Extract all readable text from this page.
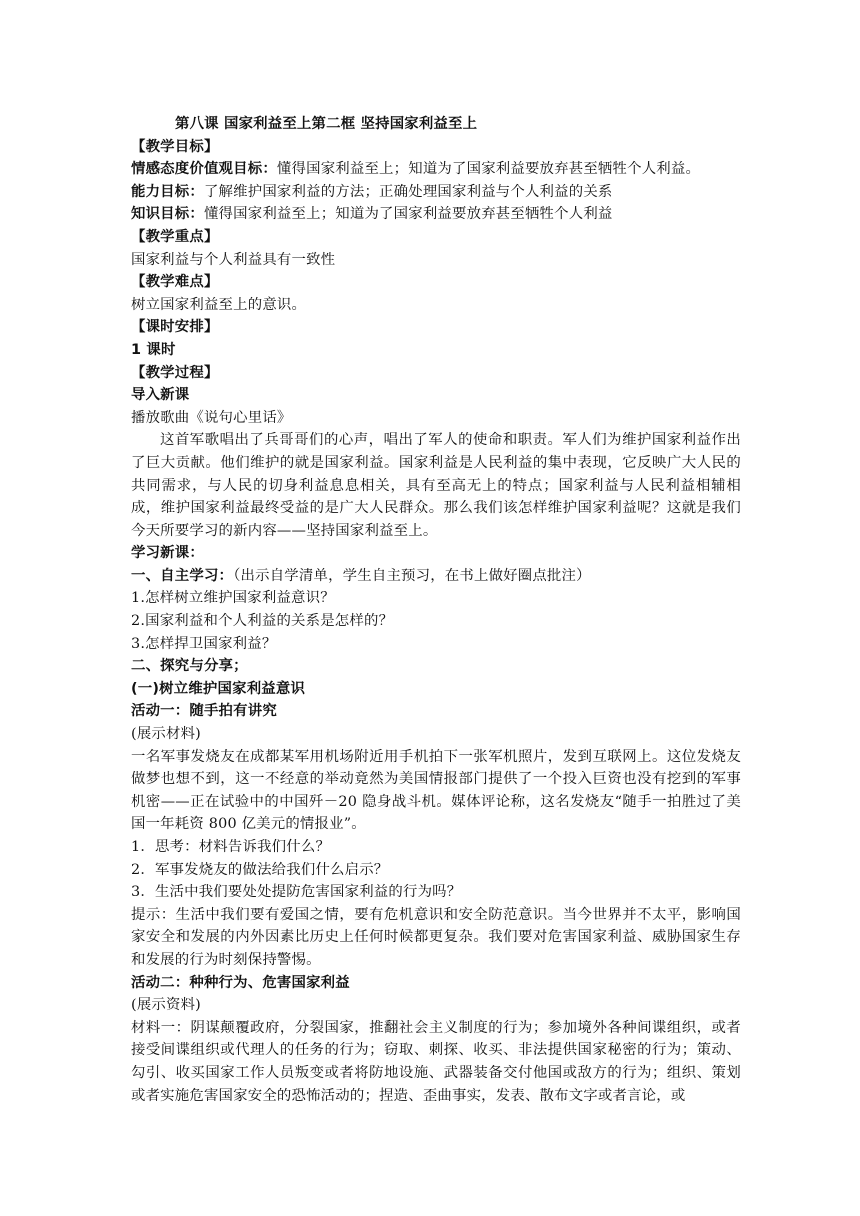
第八课 国家利益至上第二框 坚持国家利益至上
【教学目标】
情感态度价值观目标：懂得国家利益至上；知道为了国家利益要放弃甚至牺牲个人利益。
能力目标：了解维护国家利益的方法；正确处理国家利益与个人利益的关系
知识目标：懂得国家利益至上；知道为了国家利益要放弃甚至牺牲个人利益
【教学重点】
国家利益与个人利益具有一致性
【教学难点】
树立国家利益至上的意识。
【课时安排】
1 课时
【教学过程】
导入新课
播放歌曲《说句心里话》
这首军歌唱出了兵哥哥们的心声，唱出了军人的使命和职责。军人们为维护国家利益作出了巨大贡献。他们维护的就是国家利益。国家利益是人民利益的集中表现，它反映广大人民的共同需求，与人民的切身利益息息相关，具有至高无上的特点；国家利益与人民利益相辅相成，维护国家利益最终受益的是广大人民群众。那么我们该怎样维护国家利益呢？这就是我们今天所要学习的新内容——坚持国家利益至上。
学习新课：
一、自主学习：（出示自学清单，学生自主预习，在书上做好圈点批注）
1.怎样树立维护国家利益意识？
2.国家利益和个人利益的关系是怎样的？
3.怎样捍卫国家利益？
二、探究与分享；
(一)树立维护国家利益意识
活动一：随手拍有讲究
(展示材料)
一名军事发烧友在成都某军用机场附近用手机拍下一张军机照片，发到互联网上。这位发烧友做梦也想不到，这一不经意的举动竟然为美国情报部门提供了一个投入巨资也没有挖到的军事机密——正在试验中的中国歼－20 隐身战斗机。媒体评论称，这名发烧友“随手一拍胜过了美国一年耗资 800 亿美元的情报业”。
1．思考：材料告诉我们什么？
2．军事发烧友的做法给我们什么启示？
3．生活中我们要处处提防危害国家利益的行为吗？
提示：生活中我们要有爱国之情，要有危机意识和安全防范意识。当今世界并不太平，影响国家安全和发展的内外因素比历史上任何时候都更复杂。我们要对危害国家利益、威胁国家生存和发展的行为时刻保持警惕。
活动二：种种行为、危害国家利益
(展示资料)
材料一：阴谋颠覆政府，分裂国家，推翻社会主义制度的行为；参加境外各种间谍组织，或者接受间谍组织或代理人的任务的行为；窃取、刺探、收买、非法提供国家秘密的行为；策动、勾引、收买国家工作人员叛变或者将防地设施、武器装备交付他国或敌方的行为；组织、策划或者实施危害国家安全的恐怖活动的；捏造、歪曲事实，发表、散布文字或者言论，或
